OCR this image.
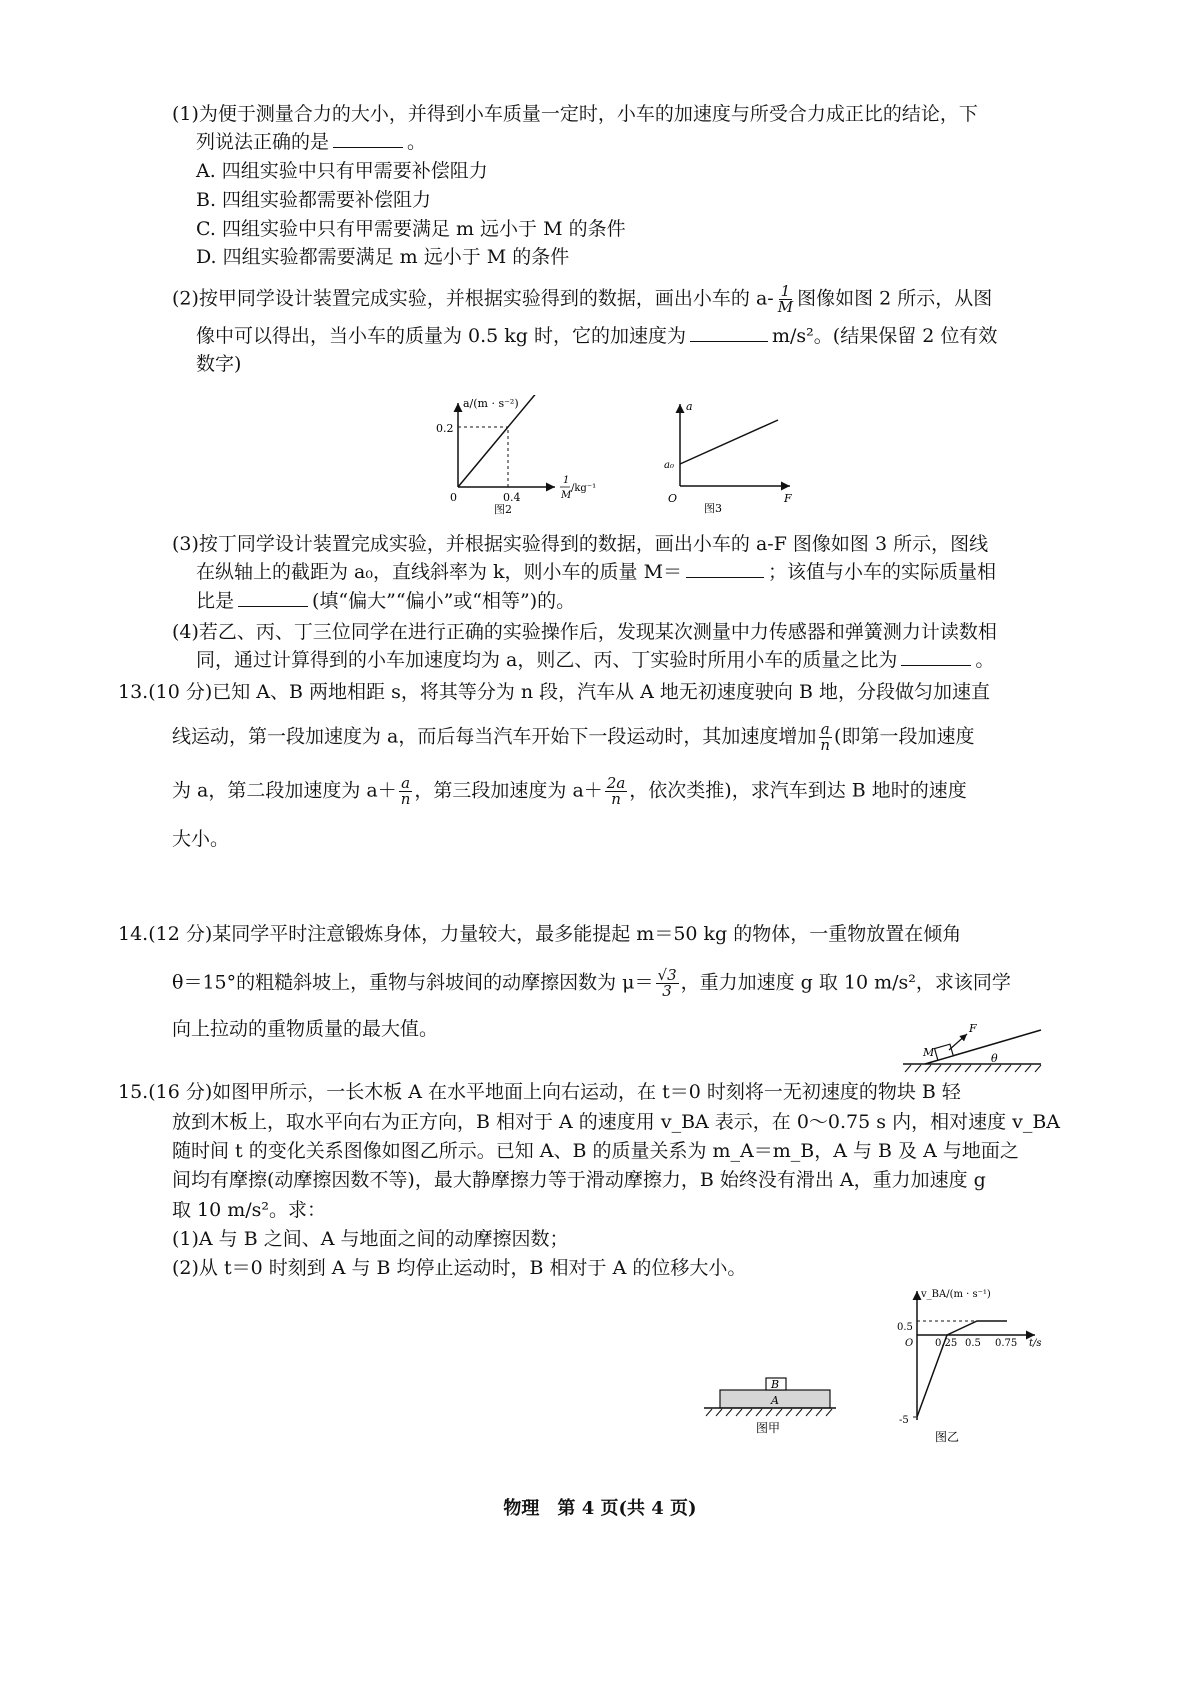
(1)为便于测量合力的大小，并得到小车质量一定时，小车的加速度与所受合力成正比的结论，下
列说法正确的是	。
A. 四组实验中只有甲需要补偿阻力
B. 四组实验都需要补偿阻力
C. 四组实验中只有甲需要满足 m 远小于 M 的条件
D. 四组实验都需要满足 m 远小于 M 的条件
(2)按甲同学设计装置完成实验，并根据实验得到的数据，画出小车的 $a- \frac{1}{M}$ 图像如图 2 所示，从图
像中可以得出，当小车的质量为 0.5 kg 时，它的加速度为	m/s²。(结果保留 2 位有效
数字)
a/(m · s⁻²)
0.2
0.4
0
1
M
/kg⁻¹
图2
a
a₀
O	F
图3
(3)按丁同学设计装置完成实验，并根据实验得到的数据，画出小车的 a-F 图像如图 3 所示，图线
在纵轴上的截距为 a₀，直线斜率为 k，则小车的质量 M＝	；该值与小车的实际质量相
比是	(填“偏大”“偏小”或“相等”)的。
(4)若乙、丙、丁三位同学在进行正确的实验操作后，发现某次测量中力传感器和弹簧测力计读数相
同，通过计算得到的小车加速度均为 a，则乙、丙、丁实验时所用小车的质量之比为	。
13.(10 分)已知 A、B 两地相距 s，将其等分为 n 段，汽车从 A 地无初速度驶向 B 地，分段做匀加速直
线运动，第一段加速度为 a，而后每当汽车开始下一段运动时，其加速度增加 $\frac{a}{n}$ (即第一段加速度
为 a，第二段加速度为 $a+ \frac{a}{n}$ ，第三段加速度为 $a+ \frac{2a}{n}$ ，依次类推)，求汽车到达 B 地时的速度
大小。
14.(12 分)某同学平时注意锻炼身体，力量较大，最多能提起 m＝50 kg 的物体，一重物放置在倾角
θ＝15°的粗糙斜坡上，重物与斜坡间的动摩擦因数为 $\mu= \frac{√3}{3}$ ，重力加速度 g 取 10 m/s²，求该同学
向上拉动的重物质量的最大值。
M
F
θ
15.(16 分)如图甲所示，一长木板 A 在水平地面上向右运动，在 t＝0 时刻将一无初速度的物块 B 轻
放到木板上，取水平向右为正方向，B 相对于 A 的速度用 v_BA 表示，在 0～0.75 s 内，相对速度 v_BA
随时间 t 的变化关系图像如图乙所示。已知 A、B 的质量关系为 m_A＝m_B，A 与 B 及 A 与地面之
间均有摩擦(动摩擦因数不等)，最大静摩擦力等于滑动摩擦力，B 始终没有滑出 A，重力加速度 g
取 10 m/s²。求：
(1)A 与 B 之间、A 与地面之间的动摩擦因数；
(2)从 t＝0 时刻到 A 与 B 均停止运动时，B 相对于 A 的位移大小。
B
A
图甲
v_BA/(m · s⁻¹)
0.5
O 0.25 0.5 0.75 t/s
-5
图乙
物理　第 4 页(共 4 页)
